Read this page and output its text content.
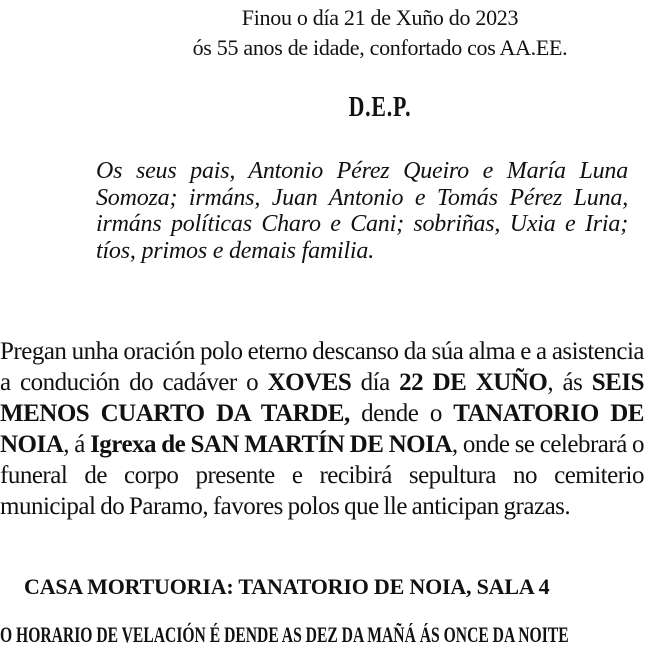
Finou o día 21 de Xuño do 2023
ós 55 anos de idade, confortado cos AA.EE.
D.E.P.
Os seus pais, Antonio Pérez Queiro e María Luna Somoza; irmáns, Juan Antonio e Tomás Pérez Luna, irmáns políticas Charo e Cani; sobriñas, Uxia e Iria; tíos, primos e demais familia.
Pregan unha oración polo eterno descanso da súa alma e a asistencia a condución do cadáver o XOVES día 22 DE XUÑO, ás SEIS MENOS CUARTO DA TARDE, dende o TANATORIO DE NOIA, á Igrexa de SAN MARTÍN DE NOIA, onde se celebrará o funeral de corpo presente e recibirá sepultura no cemiterio municipal do Paramo, favores polos que lle anticipan grazas.
CASA MORTUORIA: TANATORIO DE NOIA, SALA 4
O HORARIO DE VELACIÓN É DENDE AS DEZ DA MAÑÁ ÁS ONCE DA NOITE
